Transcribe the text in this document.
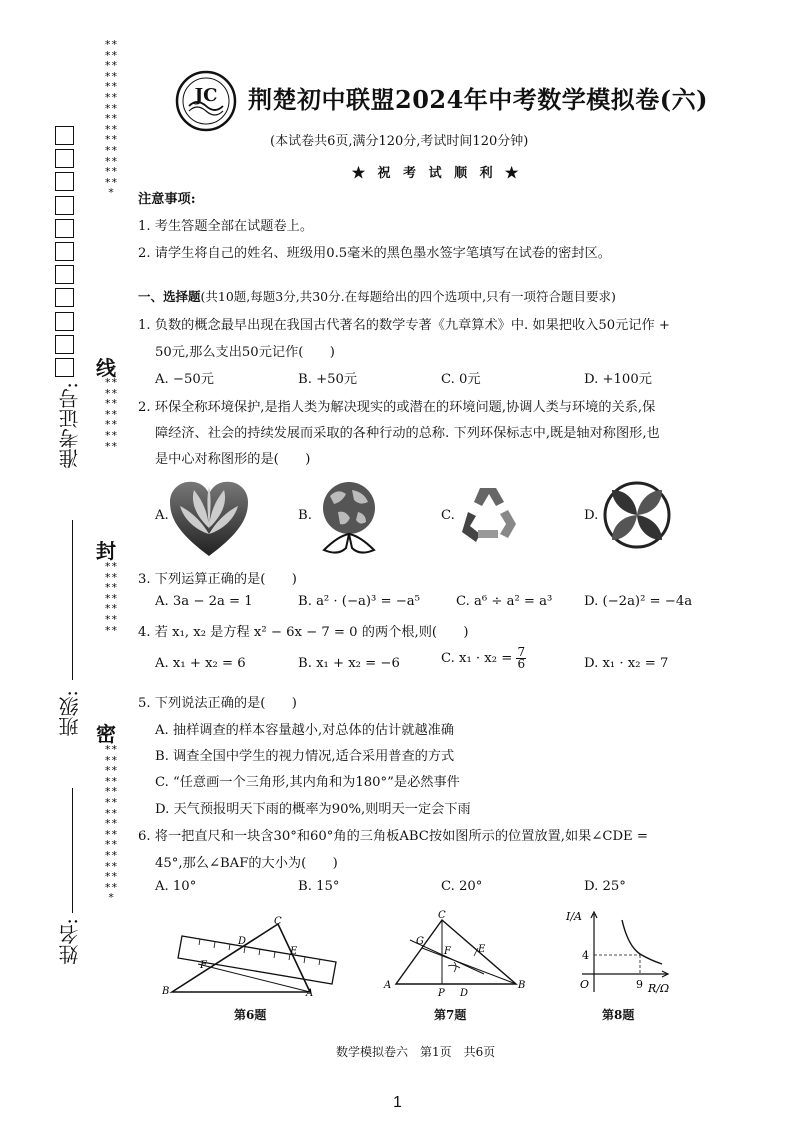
*****************************
线
**************
封
**************
密
*****************************
准考证号:
班级:
姓名:
JC 荆楚初中联盟2024年中考数学模拟卷(六)
(本试卷共6页,满分120分,考试时间120分钟)
★ 祝 考 试 顺 利 ★
注意事项:
1. 考生答题全部在试题卷上。
2. 请学生将自己的姓名、班级用0.5毫米的黑色墨水签字笔填写在试卷的密封区。
一、选择题(共10题,每题3分,共30分.在每题给出的四个选项中,只有一项符合题目要求)
1. 负数的概念最早出现在我国古代著名的数学专著《九章算术》中. 如果把收入50元记作 +
50元,那么支出50元记作(　　)
A. −50元	B. +50元	C. 0元	D. +100元
2. 环保全称环境保护,是指人类为解决现实的或潜在的环境问题,协调人类与环境的关系,保
障经济、社会的持续发展而采取的各种行动的总称. 下列环保标志中,既是轴对称图形,也
是中心对称图形的是(　　)
A.	B.	C.	D.
3. 下列运算正确的是(　　)
A. 3a − 2a = 1	B. a² · (−a)³ = −a⁵	C. a⁶ ÷ a² = a³ D. (−2a)² = −4a
4. 若 x₁, x₂ 是方程 x² − 6x − 7 = 0 的两个根,则(　　)
A. x₁ + x₂ = 6	B. x₁ + x₂ = −6	C. $x_1 \cdot x_2 = \frac{7}{6}$	D. x₁ · x₂ = 7
5. 下列说法正确的是(　　)
A. 抽样调查的样本容量越小,对总体的估计就越准确
B. 调查全国中学生的视力情况,适合采用普查的方式
C. “任意画一个三角形,其内角和为180°”是必然事件
D. 天气预报明天下雨的概率为90%,则明天一定会下雨
6. 将一把直尺和一块含30°和60°角的三角板ABC按如图所示的位置放置,如果∠CDE =
45°,那么∠BAF的大小为(　　)
A. 10°	B. 15°	C. 20°	D. 25°
C
D
E
F
B	A
第6题
C
G
F	E
A
P D
B
第7题
I/A
R/Ω
O
4
9
第8题
数学模拟卷六　第1页　共6页
1
